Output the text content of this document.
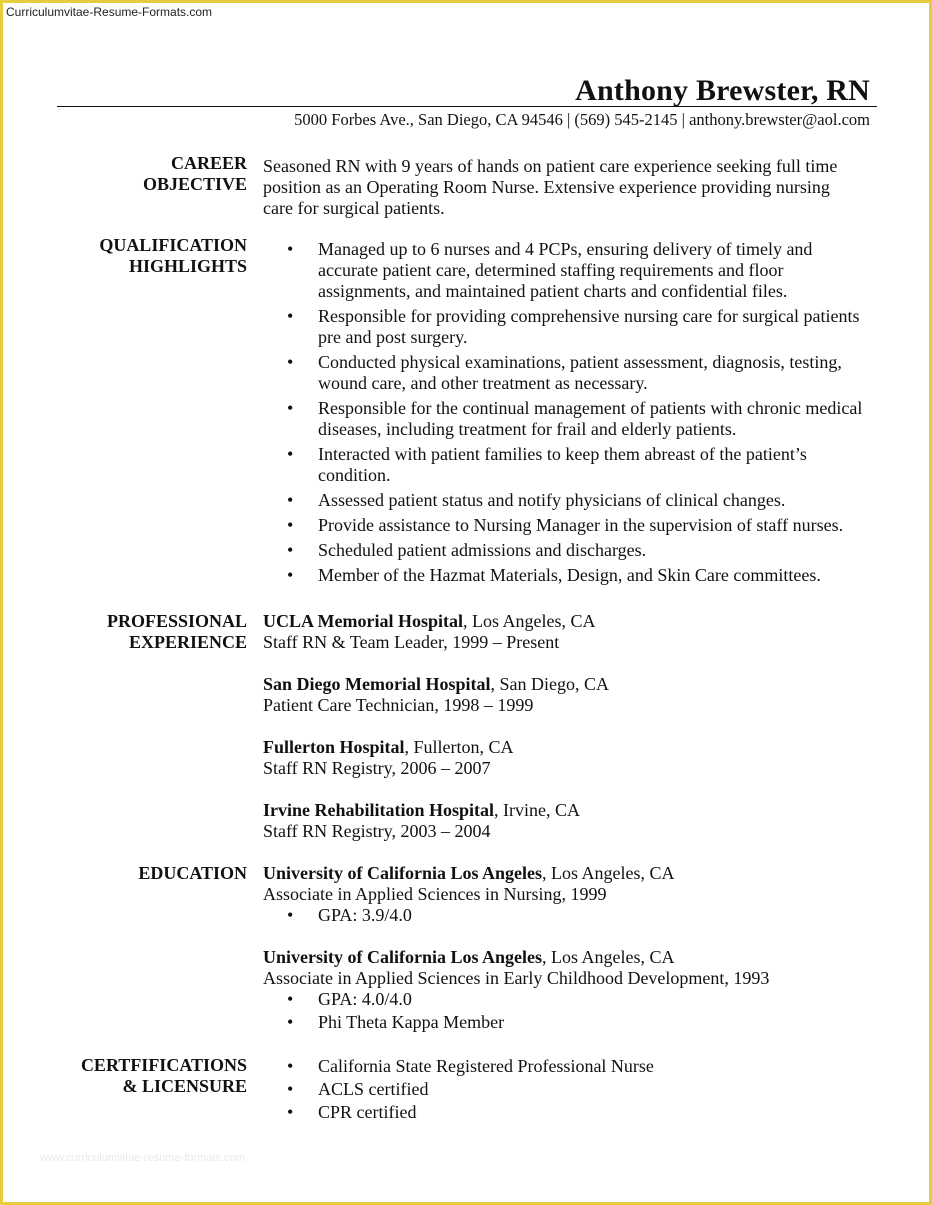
Curriculumvitae-Resume-Formats.com
Anthony Brewster, RN
5000 Forbes Ave., San Diego, CA 94546 | (569) 545-2145 | anthony.brewster@aol.com
CAREER
OBJECTIVE
Seasoned RN with 9 years of hands on patient care experience seeking full time
position as an Operating Room Nurse. Extensive experience providing nursing
care for surgical patients.
QUALIFICATION
HIGHLIGHTS
• Managed up to 6 nurses and 4 PCPs, ensuring delivery of timely and
accurate patient care, determined staffing requirements and floor
assignments, and maintained patient charts and confidential files.
• Responsible for providing comprehensive nursing care for surgical patients
pre and post surgery.
• Conducted physical examinations, patient assessment, diagnosis, testing,
wound care, and other treatment as necessary.
• Responsible for the continual management of patients with chronic medical
diseases, including treatment for frail and elderly patients.
• Interacted with patient families to keep them abreast of the patient’s
condition.
• Assessed patient status and notify physicians of clinical changes.
• Provide assistance to Nursing Manager in the supervision of staff nurses.
• Scheduled patient admissions and discharges.
• Member of the Hazmat Materials, Design, and Skin Care committees.
PROFESSIONAL
EXPERIENCE
UCLA Memorial Hospital, Los Angeles, CA
Staff RN & Team Leader, 1999 – Present
San Diego Memorial Hospital, San Diego, CA
Patient Care Technician, 1998 – 1999
Fullerton Hospital, Fullerton, CA
Staff RN Registry, 2006 – 2007
Irvine Rehabilitation Hospital, Irvine, CA
Staff RN Registry, 2003 – 2004
EDUCATION University of California Los Angeles, Los Angeles, CA
Associate in Applied Sciences in Nursing, 1999
• GPA: 3.9/4.0
University of California Los Angeles, Los Angeles, CA
Associate in Applied Sciences in Early Childhood Development, 1993
• GPA: 4.0/4.0
• Phi Theta Kappa Member
CERTFIFICATIONS
& LICENSURE
• California State Registered Professional Nurse
• ACLS certified
• CPR certified
www.curriculumvitae-resume-formats.com
